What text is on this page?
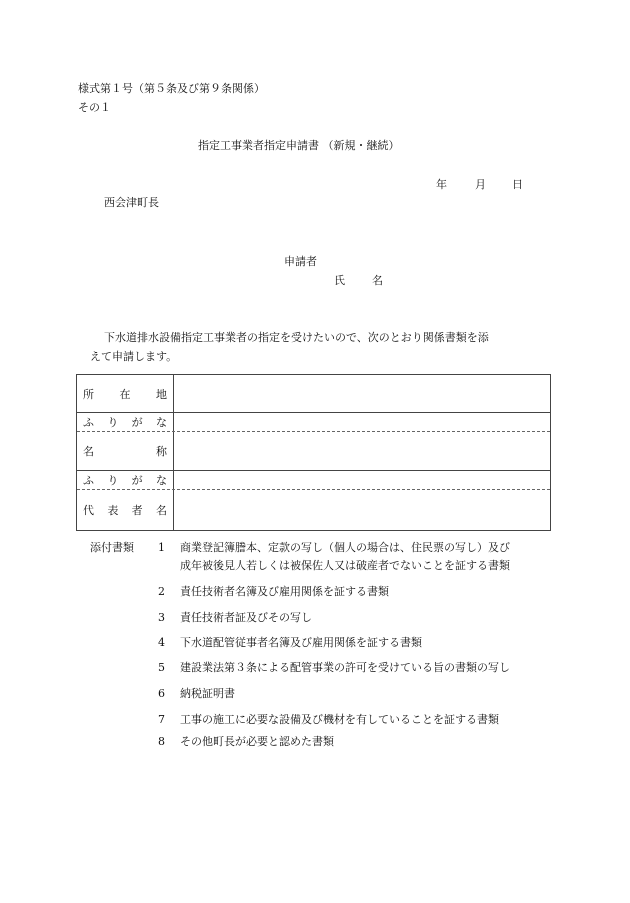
様式第１号（第５条及び第９条関係）
その１
指定工事業者指定申請書 （新規・継続）
年	月 日
西会津町長
申請者
氏 名
下水道排水設備指定工事業者の指定を受けたいので、次のとおり関係書類を添
えて申請します。
所 在 地
ふ り が な
名	称
ふ り が な
代 表 者 名
添付書類 1	商業登記簿謄本、定款の写し（個人の場合は、住民票の写し）及び
成年被後見人若しくは被保佐人又は破産者でないことを証する書類
2	責任技術者名簿及び雇用関係を証する書類
3	責任技術者証及びその写し
4	下水道配管従事者名簿及び雇用関係を証する書類
5	建設業法第３条による配管事業の許可を受けている旨の書類の写し
6	納税証明書
7	工事の施工に必要な設備及び機材を有していることを証する書類
8	その他町長が必要と認めた書類
